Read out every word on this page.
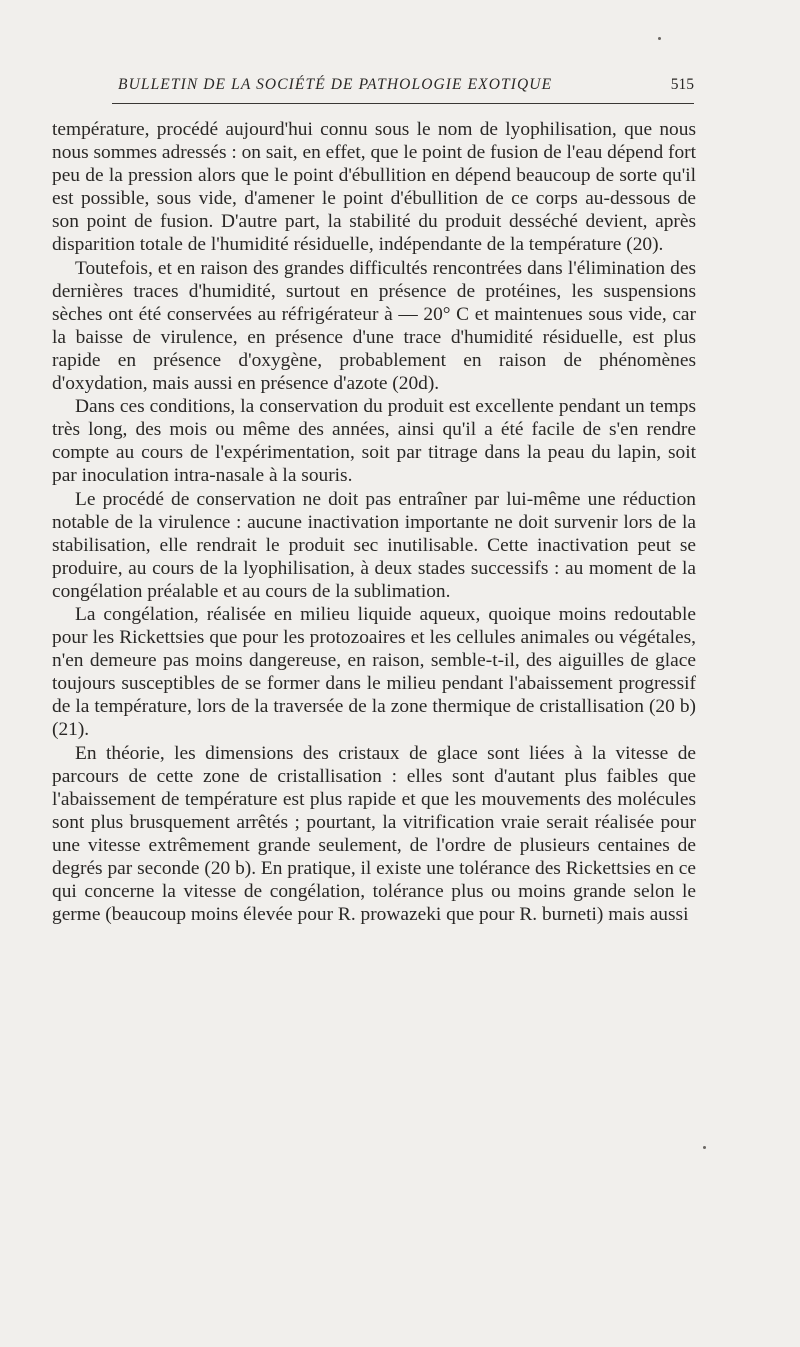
BULLETIN DE LA SOCIÉTÉ DE PATHOLOGIE EXOTIQUE	515

température, procédé aujourd'hui connu sous le nom de lyophilisation, que nous nous sommes adressés : on sait, en effet, que le point de fusion de l'eau dépend fort peu de la pression alors que le point d'ébullition en dépend beaucoup de sorte qu'il est possible, sous vide, d'amener le point d'ébullition de ce corps au-dessous de son point de fusion. D'autre part, la stabilité du produit desséché devient, après disparition totale de l'humidité résiduelle, indépendante de la température (20).

Toutefois, et en raison des grandes difficultés rencontrées dans l'élimination des dernières traces d'humidité, surtout en présence de protéines, les suspensions sèches ont été conservées au réfrigérateur à — 20° C et maintenues sous vide, car la baisse de virulence, en présence d'une trace d'humidité résiduelle, est plus rapide en présence d'oxygène, probablement en raison de phénomènes d'oxydation, mais aussi en présence d'azote (20d).

Dans ces conditions, la conservation du produit est excellente pendant un temps très long, des mois ou même des années, ainsi qu'il a été facile de s'en rendre compte au cours de l'expérimentation, soit par titrage dans la peau du lapin, soit par inoculation intra-nasale à la souris.

Le procédé de conservation ne doit pas entraîner par lui-même une réduction notable de la virulence : aucune inactivation importante ne doit survenir lors de la stabilisation, elle rendrait le produit sec inutilisable. Cette inactivation peut se produire, au cours de la lyophilisation, à deux stades successifs : au moment de la congélation préalable et au cours de la sublimation.

La congélation, réalisée en milieu liquide aqueux, quoique moins redoutable pour les Rickettsies que pour les protozoaires et les cellules animales ou végétales, n'en demeure pas moins dangereuse, en raison, semble-t-il, des aiguilles de glace toujours susceptibles de se former dans le milieu pendant l'abaissement progressif de la température, lors de la traversée de la zone thermique de cristallisation (20 b) (21).

En théorie, les dimensions des cristaux de glace sont liées à la vitesse de parcours de cette zone de cristallisation : elles sont d'autant plus faibles que l'abaissement de température est plus rapide et que les mouvements des molécules sont plus brusquement arrêtés ; pourtant, la vitrification vraie serait réalisée pour une vitesse extrêmement grande seulement, de l'ordre de plusieurs centaines de degrés par seconde (20 b). En pratique, il existe une tolérance des Rickettsies en ce qui concerne la vitesse de congélation, tolérance plus ou moins grande selon le germe (beaucoup moins élevée pour R. prowazeki que pour R. burneti) mais aussi
